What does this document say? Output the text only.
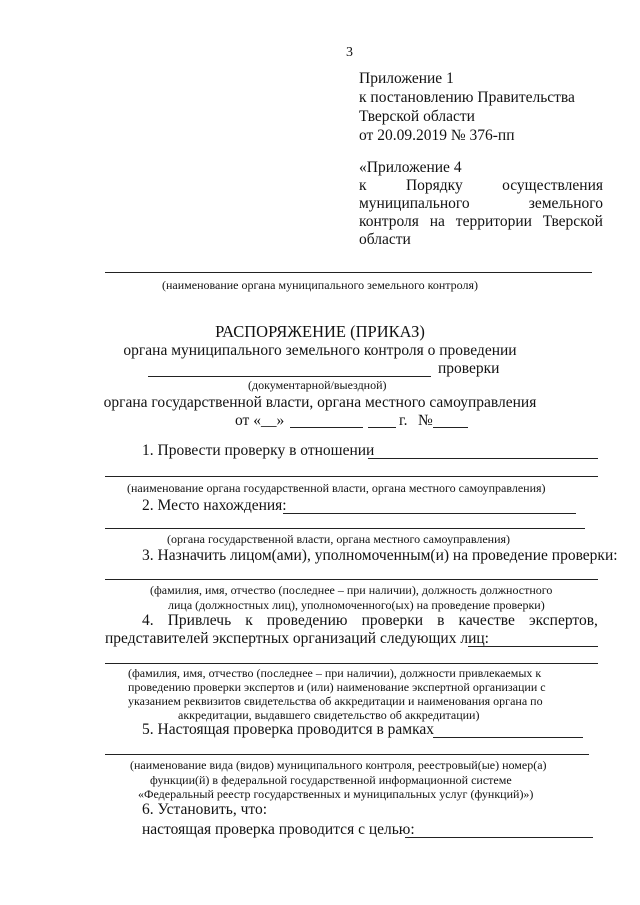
3
Приложение 1
к постановлению Правительства
Тверской области
от 20.09.2019 № 376-пп
«Приложение 4
к	Порядку	осуществления
муниципального	земельного
контроля на территории Тверской
области
(наименование органа муниципального земельного контроля)
РАСПОРЯЖЕНИЕ (ПРИКАЗ)
органа муниципального земельного контроля о проведении
проверки
(документарной/выездной)
органа государственной власти, органа местного самоуправления
от «__»	г. №
1. Провести проверку в отношении
(наименование органа государственной власти, органа местного самоуправления)
2. Место нахождения:
(органа государственной власти, органа местного самоуправления)
3. Назначить лицом(ами), уполномоченным(и) на проведение проверки:
(фамилия, имя, отчество (последнее – при наличии), должность должностного
лица (должностных лиц), уполномоченного(ых) на проведение проверки)
4. Привлечь к проведению проверки в качестве экспертов,
представителей экспертных организаций следующих лиц:
(фамилия, имя, отчество (последнее – при наличии), должности привлекаемых к
проведению проверки экспертов и (или) наименование экспертной организации с
указанием реквизитов свидетельства об аккредитации и наименования органа по
аккредитации, выдавшего свидетельство об аккредитации)
5. Настоящая проверка проводится в рамках
(наименование вида (видов) муниципального контроля, реестровый(ые) номер(а)
функции(й) в федеральной государственной информационной системе
«Федеральный реестр государственных и муниципальных услуг (функций)»)
6. Установить, что:
настоящая проверка проводится с целью:
